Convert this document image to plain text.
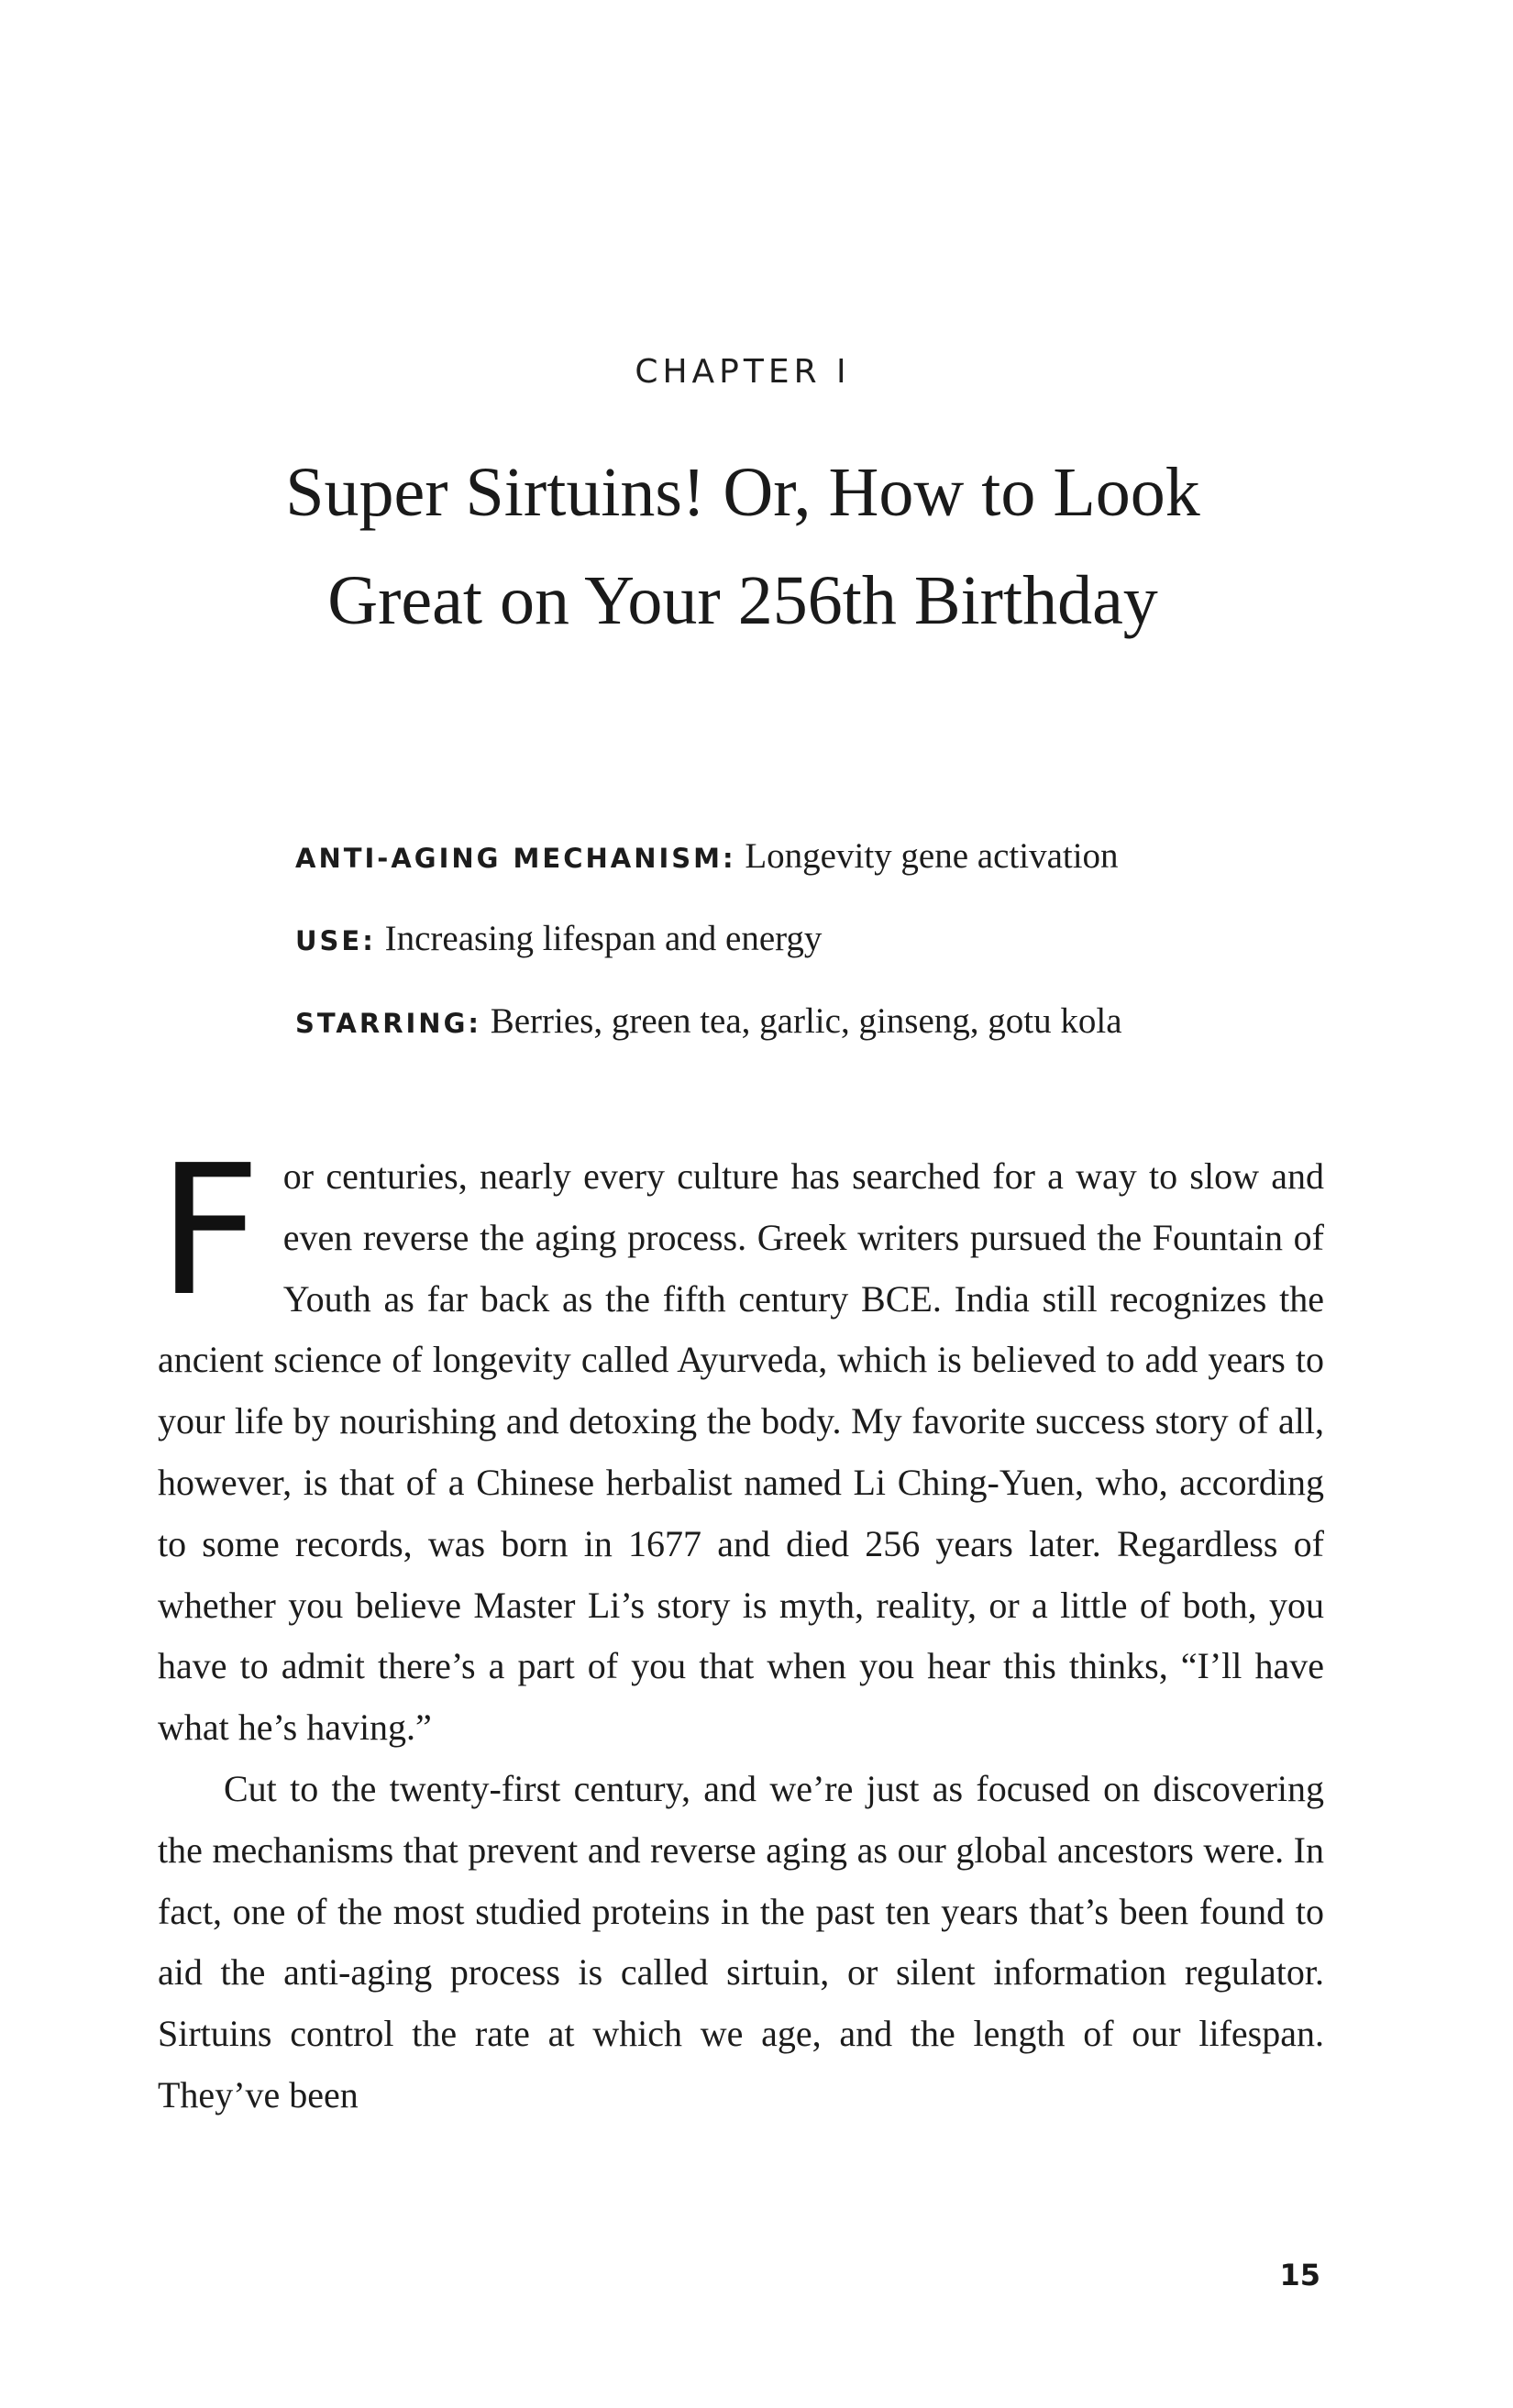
CHAPTER I
Super Sirtuins! Or, How to Look
Great on Your 256th Birthday
ANTI-AGING MECHANISM: Longevity gene activation
USE: Increasing lifespan and energy
STARRING: Berries, green tea, garlic, ginseng, gotu kola

For centuries, nearly every culture has searched for a way to slow and even reverse the aging process. Greek writers pursued the Fountain of Youth as far back as the fifth century BCE. India still recognizes the ancient science of longevity called Ayurveda, which is believed to add years to your life by nourishing and detoxing the body. My favorite success story of all, however, is that of a Chinese herbalist named Li Ching-Yuen, who, according to some records, was born in 1677 and died 256 years later. Regardless of whether you believe Master Li’s story is myth, reality, or a little of both, you have to admit there’s a part of you that when you hear this thinks, “I’ll have what he’s having.”

Cut to the twenty-first century, and we’re just as focused on discovering the mechanisms that prevent and reverse aging as our global ancestors were. In fact, one of the most studied proteins in the past ten years that’s been found to aid the anti-aging process is called sirtuin, or silent information regulator. Sirtuins control the rate at which we age, and the length of our lifespan. They’ve been

15
